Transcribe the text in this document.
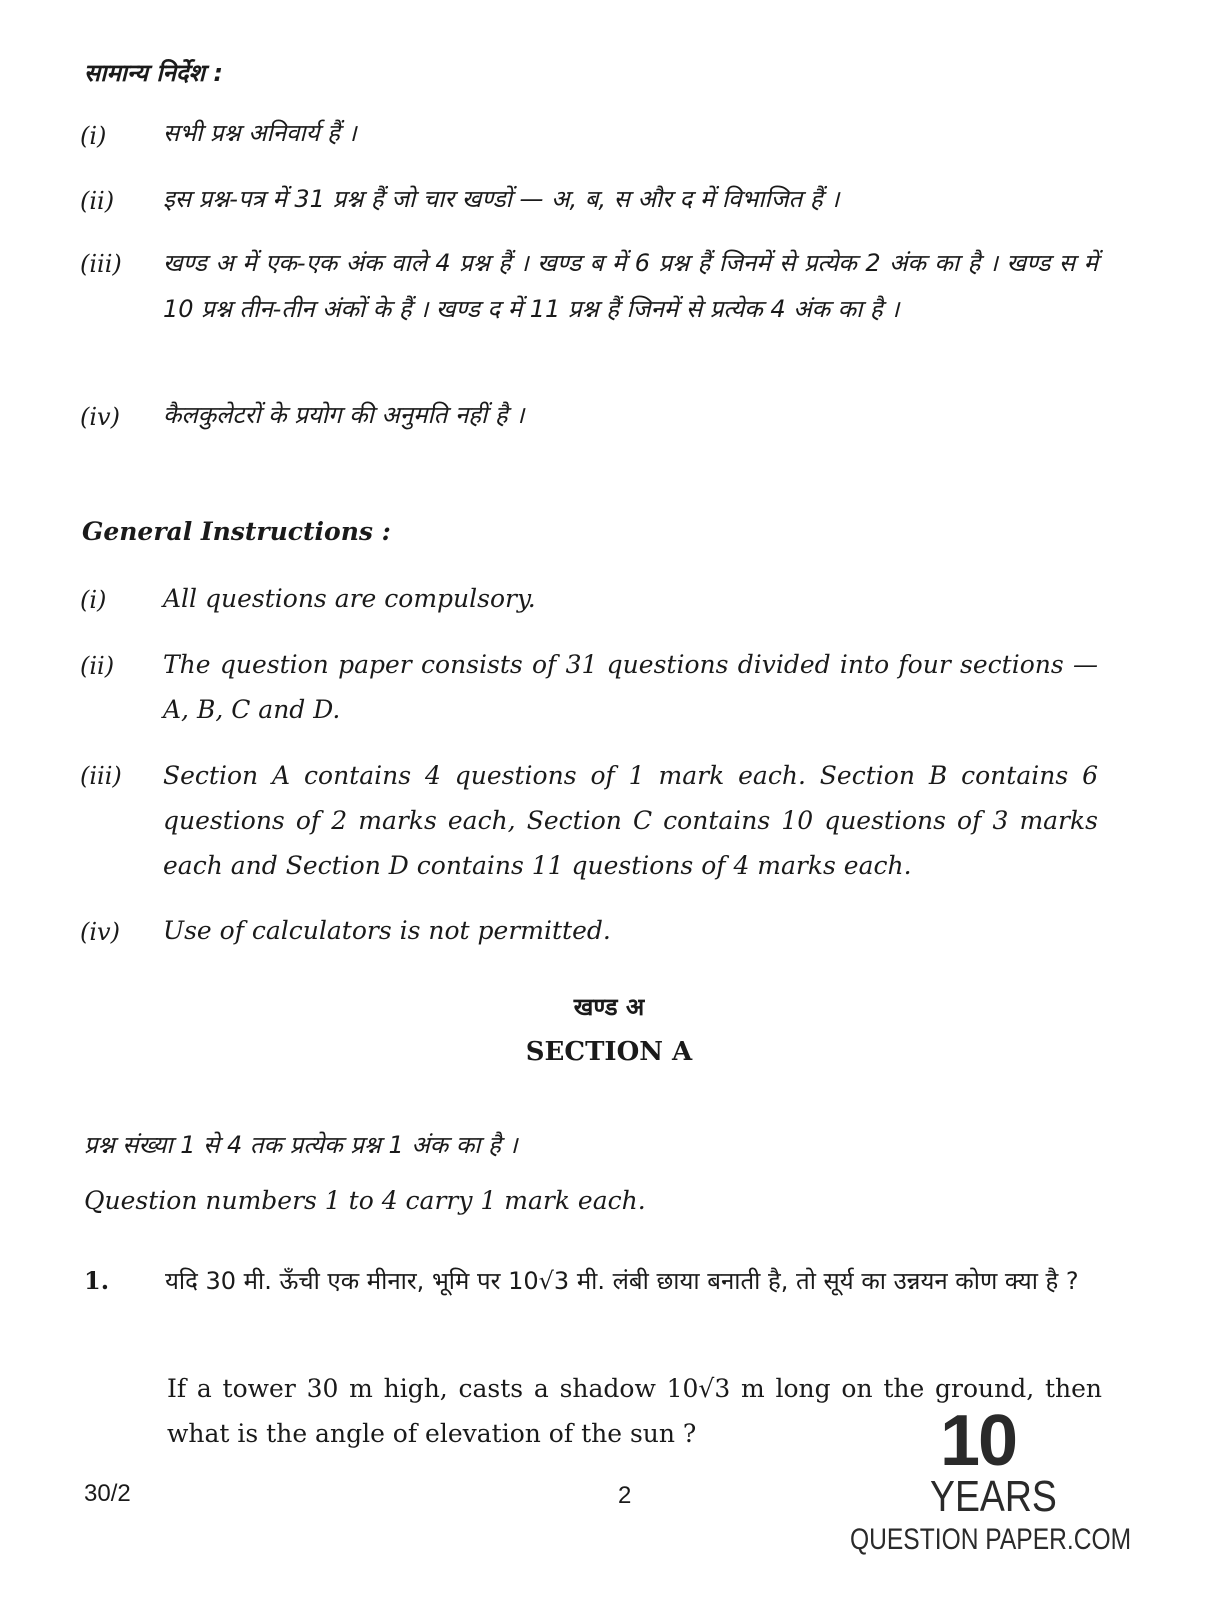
सामान्य निर्देश :
(i) सभी प्रश्न अनिवार्य हैं ।
(ii) इस प्रश्न-पत्र में 31 प्रश्न हैं जो चार खण्डों — अ, ब, स और द में विभाजित हैं ।
(iii) खण्ड अ में एक-एक अंक वाले 4 प्रश्न हैं । खण्ड ब में 6 प्रश्न हैं जिनमें से प्रत्येक 2 अंक का है । खण्ड स में 10 प्रश्न तीन-तीन अंकों के हैं । खण्ड द में 11 प्रश्न हैं जिनमें से प्रत्येक 4 अंक का है ।
(iv) कैलकुलेटरों के प्रयोग की अनुमति नहीं है ।
General Instructions :
(i) All questions are compulsory.
(ii) The question paper consists of 31 questions divided into four sections —A, B, C and D.
(iii) Section A contains 4 questions of 1 mark each. Section B contains 6 questions of 2 marks each, Section C contains 10 questions of 3 marks each and Section D contains 11 questions of 4 marks each.
(iv) Use of calculators is not permitted.
खण्ड अ
SECTION A
प्रश्न संख्या 1 से 4 तक प्रत्येक प्रश्न 1 अंक का है ।
Question numbers 1 to 4 carry 1 mark each.
1. यदि 30 मी. ऊँची एक मीनार, भूमि पर 10√3 मी. लंबी छाया बनाती है, तो सूर्य का उन्नयन कोण क्या है ?
If a tower 30 m high, casts a shadow 10√3 m long on the ground, then what is the angle of elevation of the sun ?
30/2	2
10
YEARS
QUESTION PAPER.COM
